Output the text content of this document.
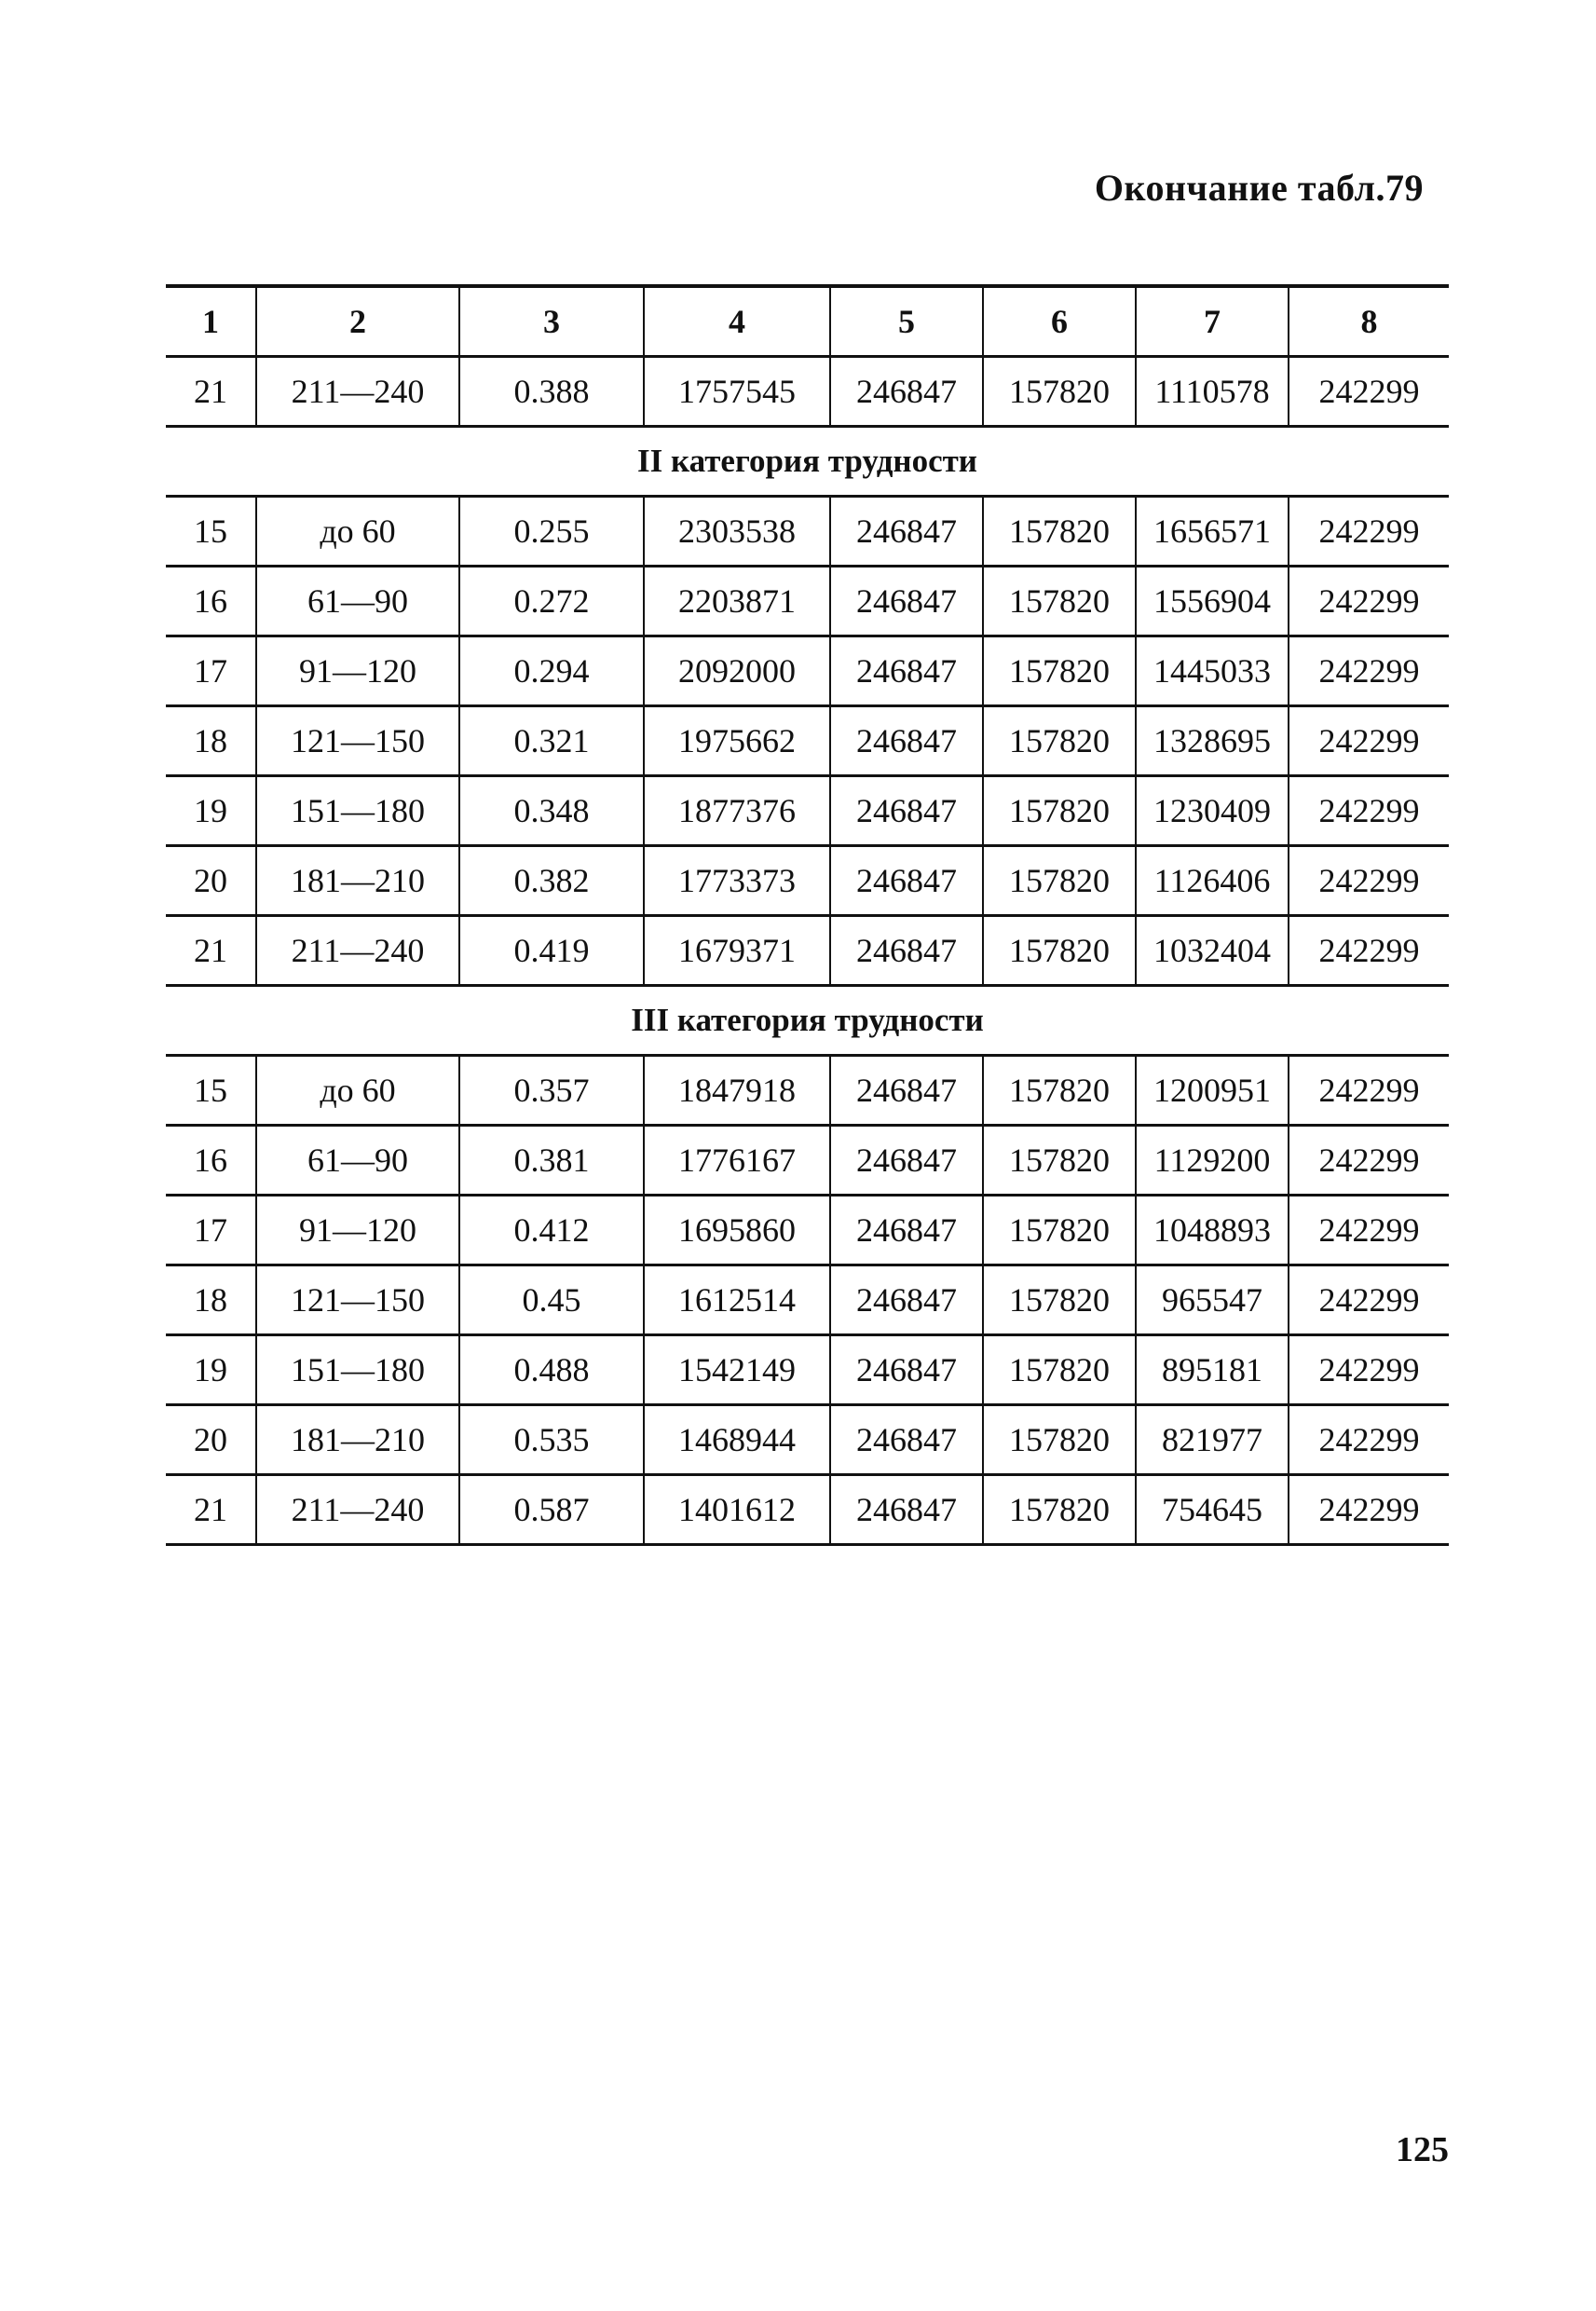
Окончание табл.79
1	2	3	4	5	6	7	8
21	211—240	0.388	1757545	246847	157820	1110578	242299
II категория трудности							
15	до 60	0.255	2303538	246847	157820	1656571	242299
16	61—90	0.272	2203871	246847	157820	1556904	242299
17	91—120	0.294	2092000	246847	157820	1445033	242299
18	121—150	0.321	1975662	246847	157820	1328695	242299
19	151—180	0.348	1877376	246847	157820	1230409	242299
20	181—210	0.382	1773373	246847	157820	1126406	242299
21	211—240	0.419	1679371	246847	157820	1032404	242299
III категория трудности							
15	до 60	0.357	1847918	246847	157820	1200951	242299
16	61—90	0.381	1776167	246847	157820	1129200	242299
17	91—120	0.412	1695860	246847	157820	1048893	242299
18	121—150	0.45	1612514	246847	157820	965547	242299
19	151—180	0.488	1542149	246847	157820	895181	242299
20	181—210	0.535	1468944	246847	157820	821977	242299
21	211—240	0.587	1401612	246847	157820	754645	242299
125
